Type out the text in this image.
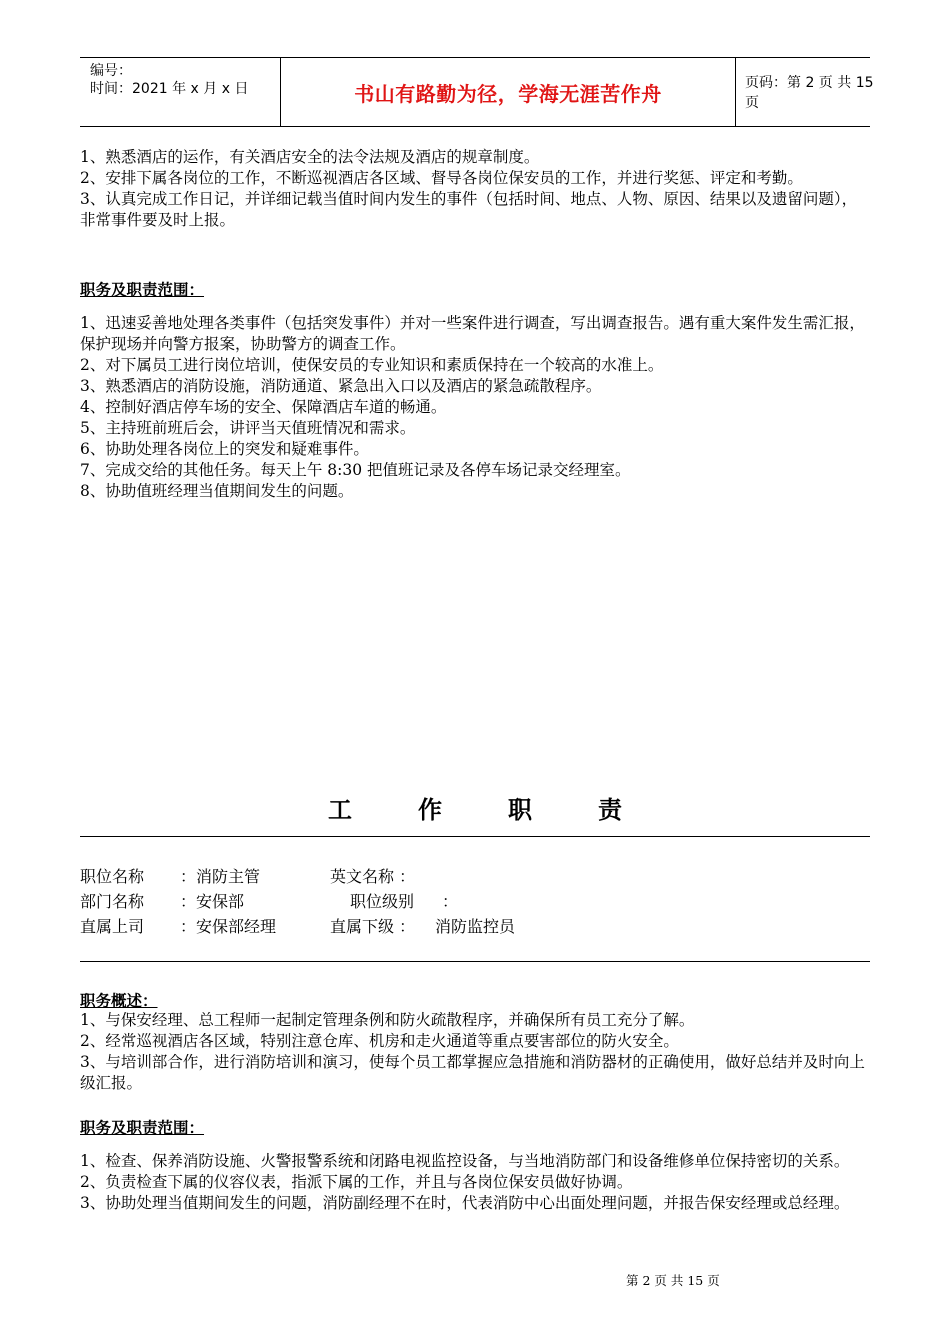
编号：
时间：2021 年 x 月 x 日	书山有路勤为径，学海无涯苦作舟	页码：第 2 页 共 15 页

1、熟悉酒店的运作，有关酒店安全的法令法规及酒店的规章制度。

2、安排下属各岗位的工作，不断巡视酒店各区域、督导各岗位保安员的工作，并进行奖惩、评定和考勤。

3、认真完成工作日记，并详细记载当值时间内发生的事件（包括时间、地点、人物、原因、结果以及遗留问题），非常事件要及时上报。

职务及职责范围：

1、迅速妥善地处理各类事件（包括突发事件）并对一些案件进行调查，写出调查报告。遇有重大案件发生需汇报，保护现场并向警方报案，协助警方的调查工作。

2、对下属员工进行岗位培训，使保安员的专业知识和素质保持在一个较高的水准上。

3、熟悉酒店的消防设施，消防通道、紧急出入口以及酒店的紧急疏散程序。

4、控制好酒店停车场的安全、保障酒店车道的畅通。

5、主持班前班后会，讲评当天值班情况和需求。

6、协助处理各岗位上的突发和疑难事件。

7、完成交给的其他任务。每天上午 8:30 把值班记录及各停车场记录交经理室。

8、协助值班经理当值期间发生的问题。

工	作	职	责
职位名称 ：消防主管	英文名称 ：
部门名称 ：安保部	职位级别 ：
直属上司 ：安保部经理	直属下级 ： 消防监控员
职务概述：

1、与保安经理、总工程师一起制定管理条例和防火疏散程序，并确保所有员工充分了解。

2、经常巡视酒店各区域，特别注意仓库、机房和走火通道等重点要害部位的防火安全。

3、与培训部合作，进行消防培训和演习，使每个员工都掌握应急措施和消防器材的正确使用，做好总结并及时向上级汇报。

职务及职责范围：

1、检查、保养消防设施、火警报警系统和闭路电视监控设备，与当地消防部门和设备维修单位保持密切的关系。

2、负责检查下属的仪容仪表，指派下属的工作，并且与各岗位保安员做好协调。

3、协助处理当值期间发生的问题，消防副经理不在时，代表消防中心出面处理问题，并报告保安经理或总经理。

第 2 页 共 15 页
